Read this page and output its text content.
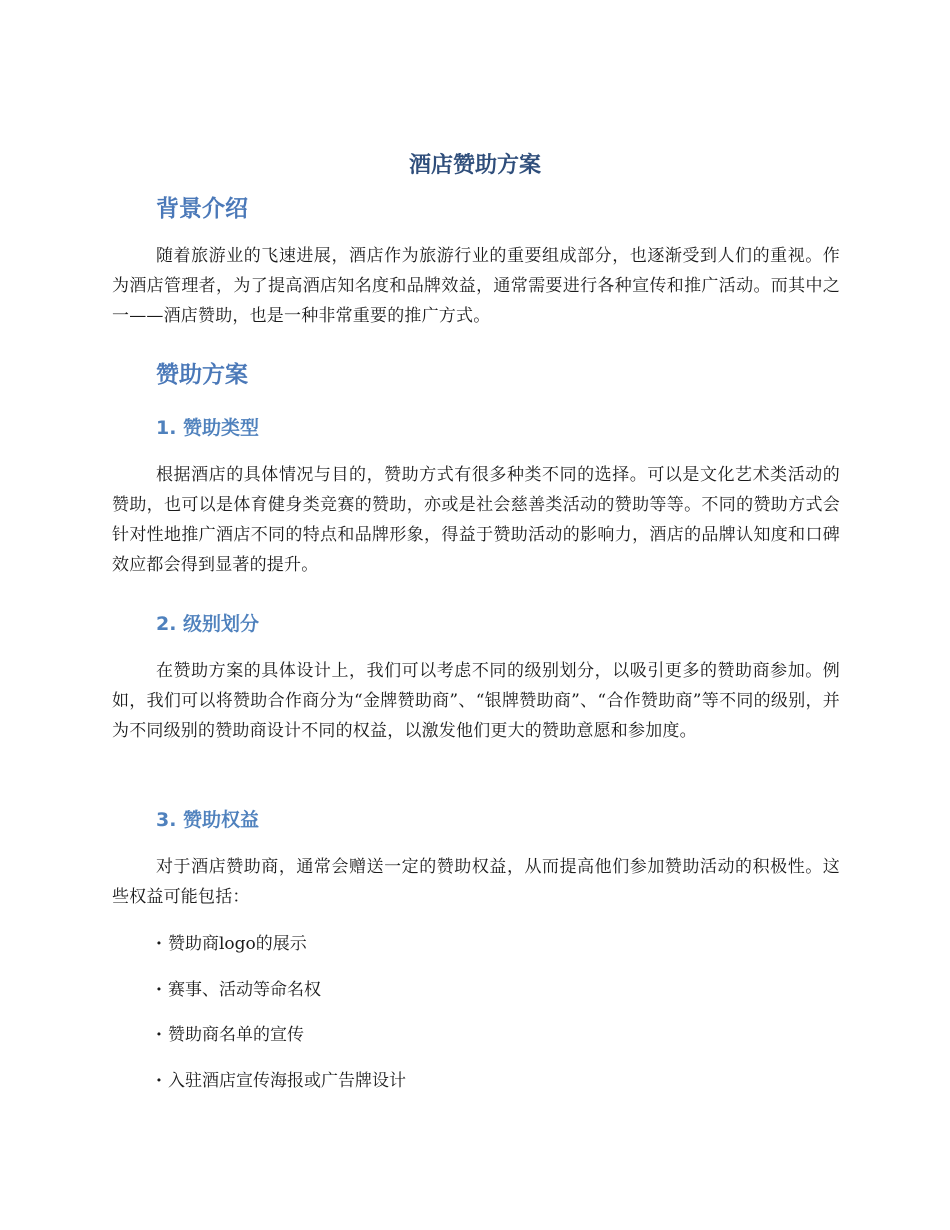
酒店赞助方案
背景介绍

随着旅游业的飞速进展，酒店作为旅游行业的重要组成部分，也逐渐受到人们的重视。作为酒店管理者，为了提高酒店知名度和品牌效益，通常需要进行各种宣传和推广活动。而其中之一——酒店赞助，也是一种非常重要的推广方式。

赞助方案
1. 赞助类型

根据酒店的具体情况与目的，赞助方式有很多种类不同的选择。可以是文化艺术类活动的赞助，也可以是体育健身类竞赛的赞助，亦或是社会慈善类活动的赞助等等。不同的赞助方式会针对性地推广酒店不同的特点和品牌形象，得益于赞助活动的影响力，酒店的品牌认知度和口碑效应都会得到显著的提升。

2. 级别划分

在赞助方案的具体设计上，我们可以考虑不同的级别划分，以吸引更多的赞助商参加。例如，我们可以将赞助合作商分为“金牌赞助商”、“银牌赞助商”、“合作赞助商”等不同的级别，并为不同级别的赞助商设计不同的权益，以激发他们更大的赞助意愿和参加度。

3. 赞助权益

对于酒店赞助商，通常会赠送一定的赞助权益，从而提高他们参加赞助活动的积极性。这些权益可能包括：

· 赞助商logo的展示
· 赛事、活动等命名权
· 赞助商名单的宣传
· 入驻酒店宣传海报或广告牌设计
